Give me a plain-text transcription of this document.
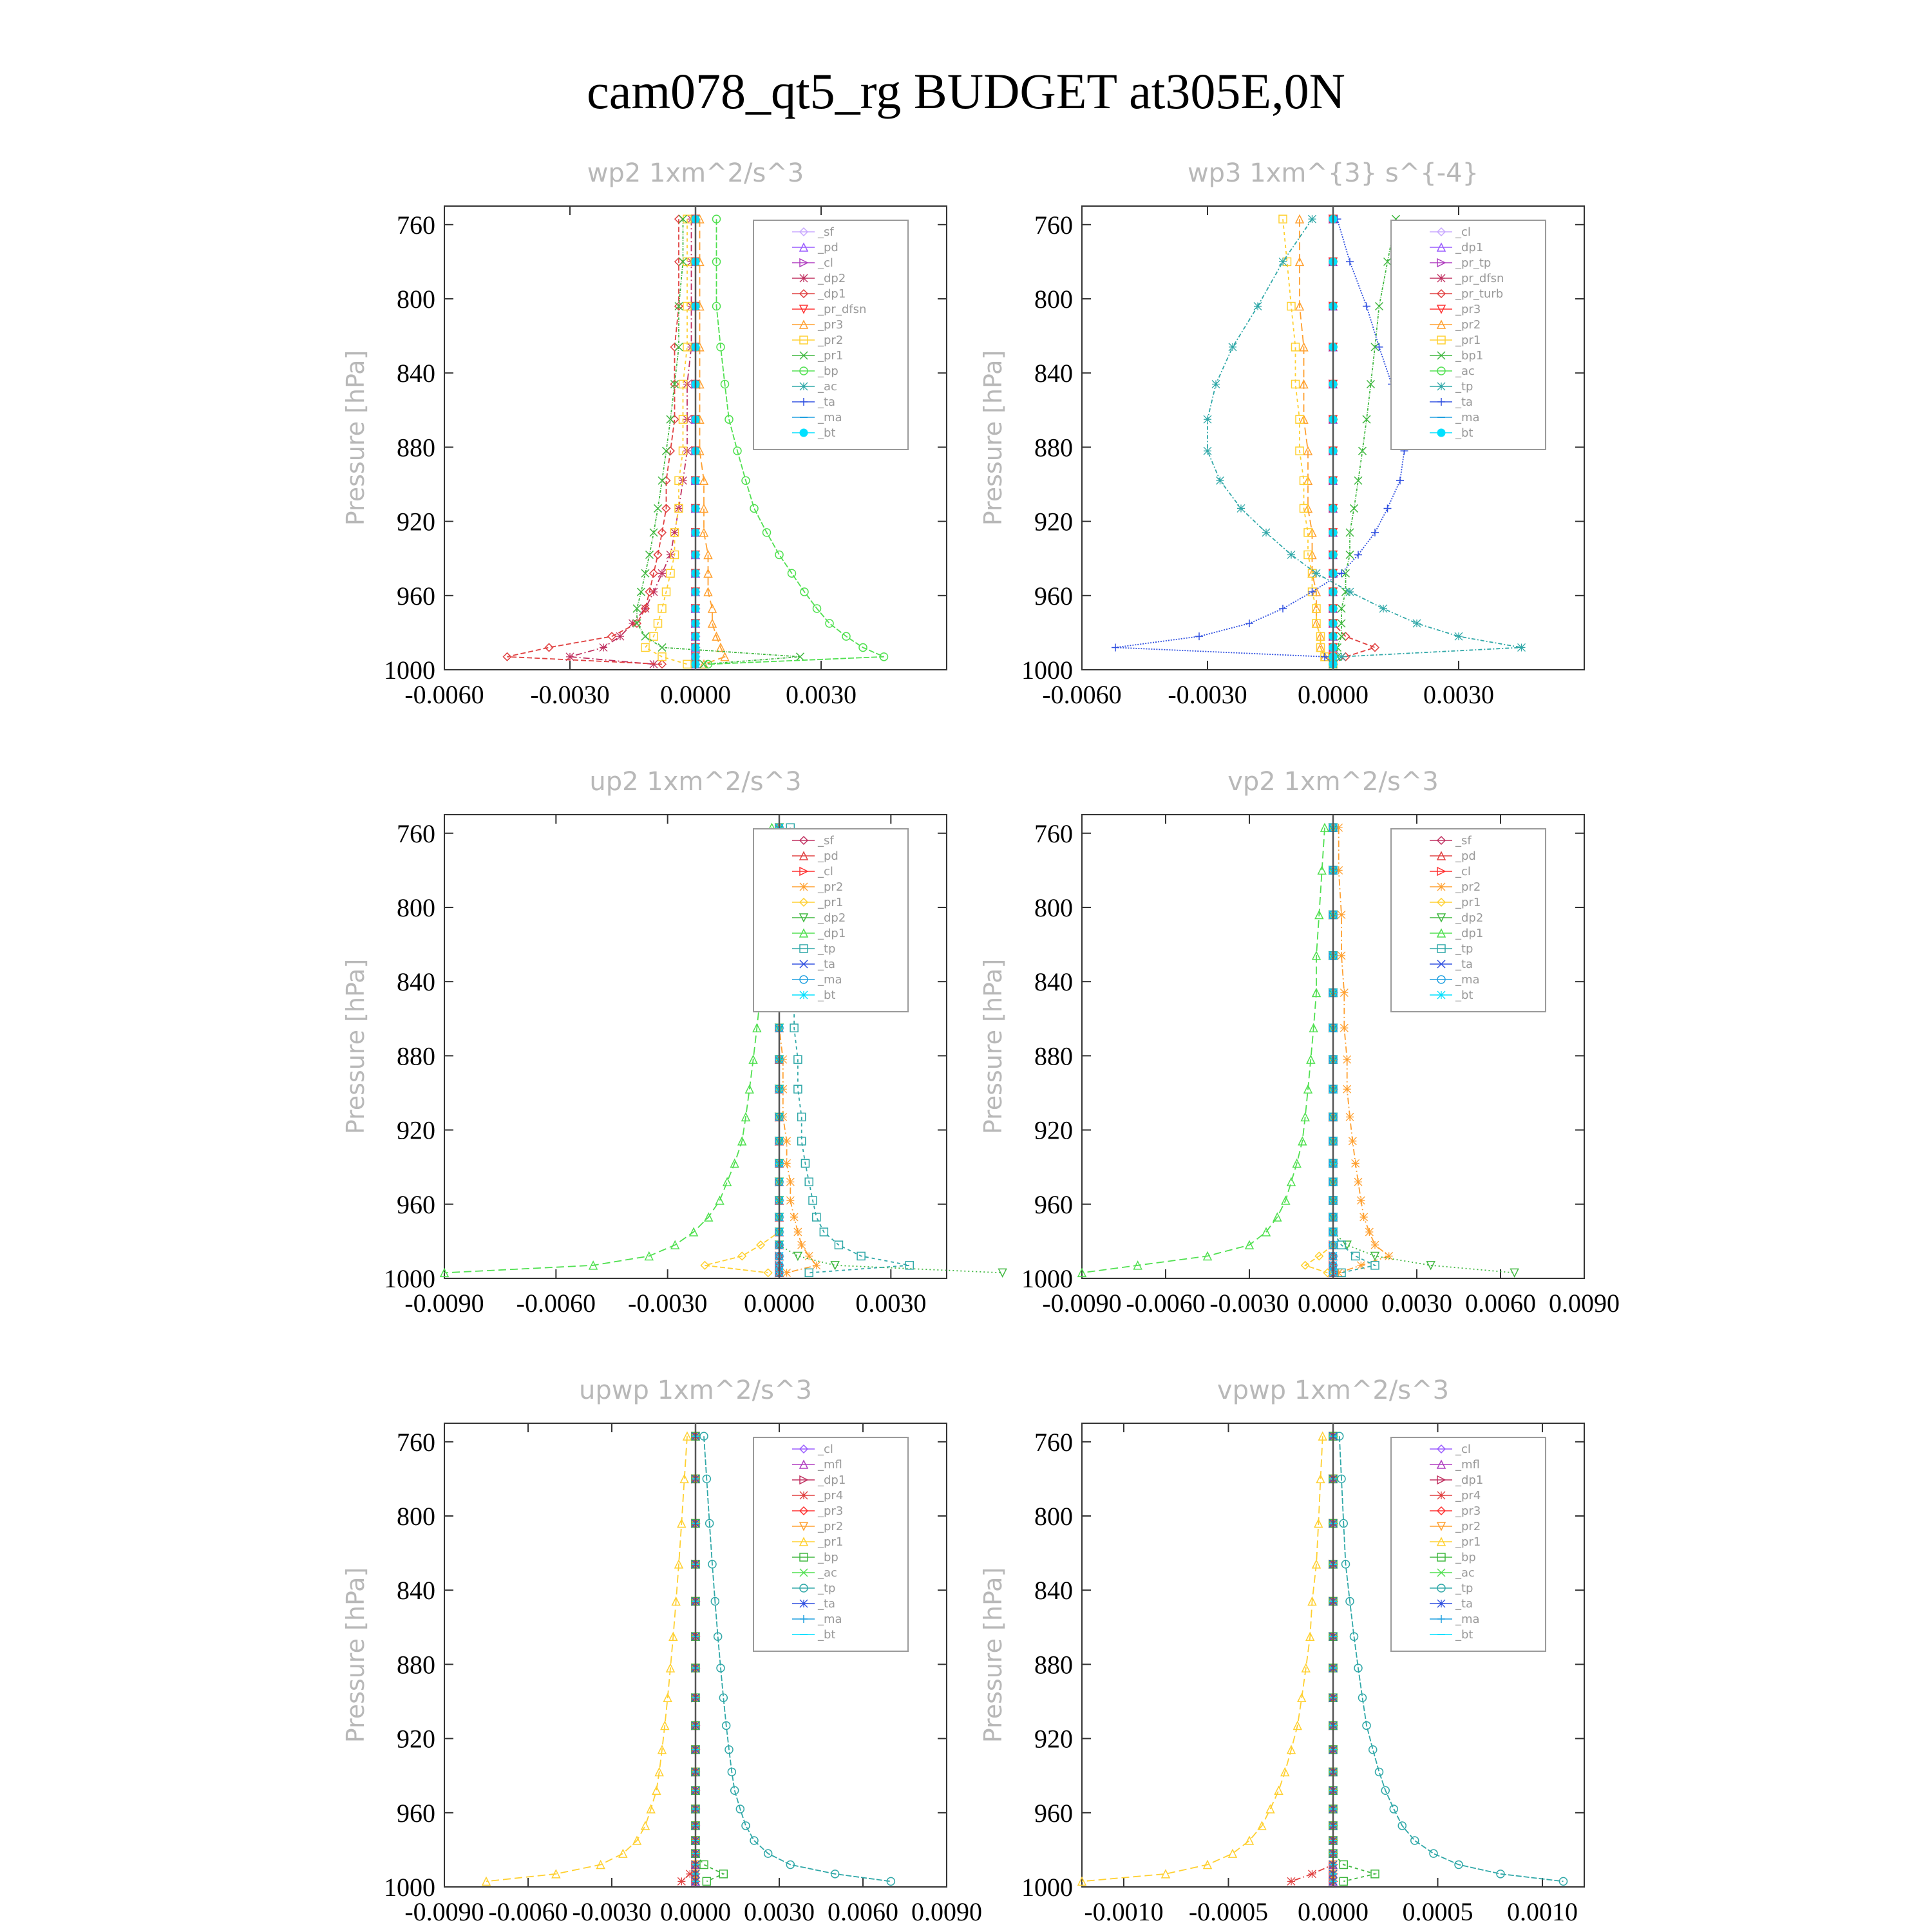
cam078_qt5_rg BUDGET at305E,0N
wp2 1xm^2/s^3
Pressure [hPa]
760
800
840
880
920
960
1000
-0.0060 -0.0030 0.0000 0.0030
_sf
_pd
_cl
_dp2
_dp1
_pr_dfsn
_pr3
_pr2
_pr1
_bp
_ac
_ta
_ma
_bt
wp3 1xm^{3} s^{-4}
Pressure [hPa]
760
800
840
880
920
960
1000
-0.0060 -0.0030 0.0000 0.0030
_cl
_dp1
_pr_tp
_pr_dfsn
_pr_turb
_pr3
_pr2
_pr1
_bp1
_ac
_tp
_ta
_ma
_bt
up2 1xm^2/s^3
Pressure [hPa]
760
800
840
880
920
960
1000
-0.0090 -0.0060 -0.0030 0.0000 0.0030
_sf
_pd
_cl
_pr2
_pr1
_dp2
_dp1
_tp
_ta
_ma
_bt
vp2 1xm^2/s^3
Pressure [hPa]
760
800
840
880
920
960
1000
-0.0090 -0.0060 -0.0030 0.0000 0.0030 0.0060 0.0090
_sf
_pd
_cl
_pr2
_pr1
_dp2
_dp1
_tp
_ta
_ma
_bt
upwp 1xm^2/s^3
Pressure [hPa]
760
800
840
880
920
960
1000
-0.0090 -0.0060 -0.0030 0.0000 0.0030 0.0060 0.0090
_cl
_mfl
_dp1
_pr4
_pr3
_pr2
_pr1
_bp
_ac
_tp
_ta
_ma
_bt
vpwp 1xm^2/s^3
Pressure [hPa]
760
800
840
880
920
960
1000
-0.0010 -0.0005 0.0000 0.0005 0.0010
_cl
_mfl
_dp1
_pr4
_pr3
_pr2
_pr1
_bp
_ac
_tp
_ta
_ma
_bt
